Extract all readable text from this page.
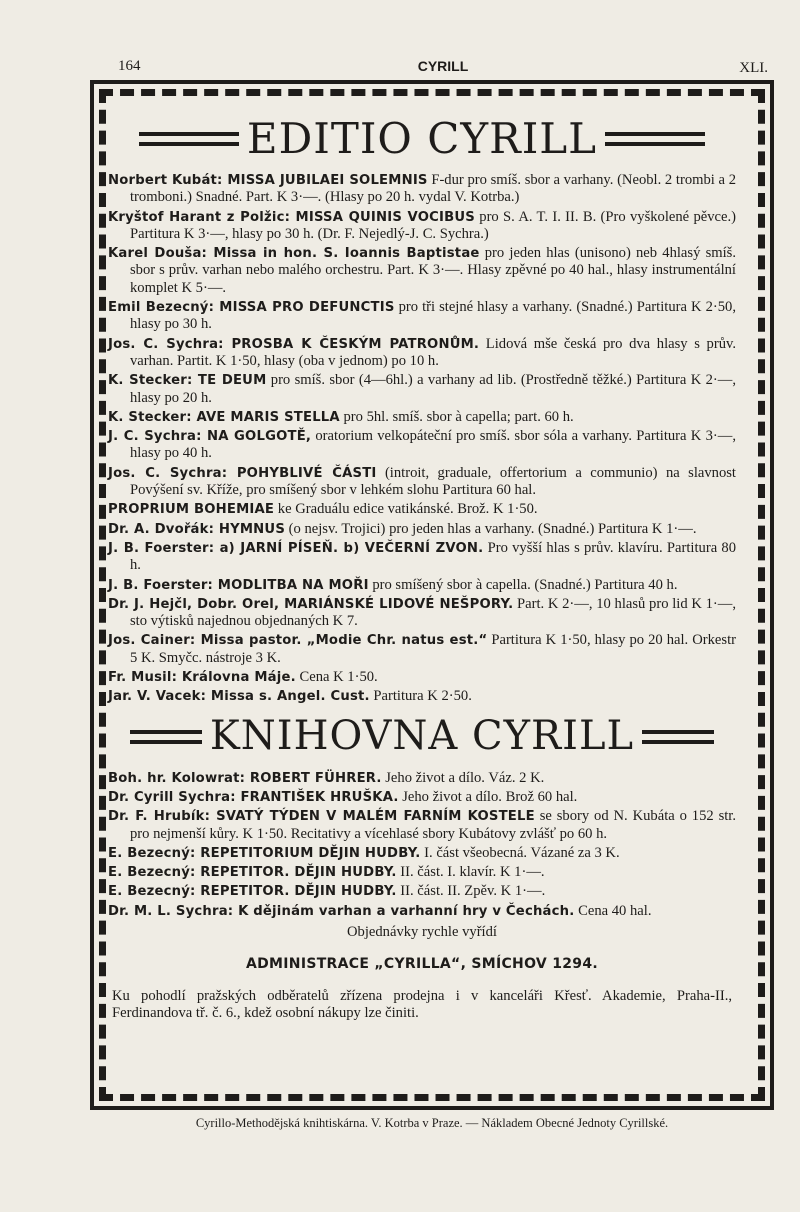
164	CYRILL	XLI.
EDITIO CYRILL

Norbert Kubát: MISSA JUBILAEI SOLEMNIS F-dur pro smíš. sbor a varhany. (Neobl. 2 trombi a 2 tromboni.) Snadné. Part. K 3·—. (Hlasy po 20 h. vydal V. Kotrba.)

Kryštof Harant z Polžic: MISSA QUINIS VOCIBUS pro S. A. T. I. II. B. (Pro vyškolené pěvce.) Partitura K 3·—, hlasy po 30 h. (Dr. F. Nejedlý-J. C. Sychra.)

Karel Douša: Missa in hon. S. Ioannis Baptistae pro jeden hlas (unisono) neb 4hlasý smíš. sbor s prův. varhan nebo malého orchestru. Part. K 3·—. Hlasy zpěvné po 40 hal., hlasy instrumentální komplet K 5·—.

Emil Bezecný: MISSA PRO DEFUNCTIS pro tři stejné hlasy a varhany. (Snadné.) Partitura K 2·50, hlasy po 30 h.

Jos. C. Sychra: PROSBA K ČESKÝM PATRONŮM. Lidová mše česká pro dva hlasy s prův. varhan. Partit. K 1·50, hlasy (oba v jednom) po 10 h.

K. Stecker: TE DEUM pro smíš. sbor (4—6hl.) a varhany ad lib. (Prostředně těžké.) Partitura K 2·—, hlasy po 20 h.

K. Stecker: AVE MARIS STELLA pro 5hl. smíš. sbor à capella; part. 60 h.

J. C. Sychra: NA GOLGOTĚ, oratorium velkopáteční pro smíš. sbor sóla a varhany. Partitura K 3·—, hlasy po 40 h.

Jos. C. Sychra: POHYBLIVÉ ČÁSTI (introit, graduale, offertorium a communio) na slavnost Povýšení sv. Kříže, pro smíšený sbor v lehkém slohu Partitura 60 hal.

PROPRIUM BOHEMIAE ke Graduálu edice vatikánské. Brož. K 1·50.

Dr. A. Dvořák: HYMNUS (o nejsv. Trojici) pro jeden hlas a varhany. (Snadné.) Partitura K 1·—.

J. B. Foerster: a) JARNÍ PÍSEŇ. b) VEČERNÍ ZVON. Pro vyšší hlas s prův. klavíru. Partitura 80 h.

J. B. Foerster: MODLITBA NA MOŘI pro smíšený sbor à capella. (Snadné.) Partitura 40 h.

Dr. J. Hejčl, Dobr. Orel, MARIÁNSKÉ LIDOVÉ NEŠPORY. Part. K 2·—, 10 hlasů pro lid K 1·—, sto výtisků najednou objednaných K 7.

Jos. Cainer: Missa pastor. „Modie Chr. natus est.“ Partitura K 1·50, hlasy po 20 hal. Orkestr 5 K. Smyčc. nástroje 3 K.

Fr. Musil: Královna Máje. Cena K 1·50.

Jar. V. Vacek: Missa s. Angel. Cust. Partitura K 2·50.

KNIHOVNA CYRILL

Boh. hr. Kolowrat: ROBERT FÜHRER. Jeho život a dílo. Váz. 2 K.

Dr. Cyrill Sychra: FRANTIŠEK HRUŠKA. Jeho život a dílo. Brož 60 hal.

Dr. F. Hrubík: SVATÝ TÝDEN V MALÉM FARNÍM KOSTELE se sbory od N. Kubáta o 152 str. pro nejmenší kůry. K 1·50. Recitativy a vícehlasé sbory Kubátovy zvlášť po 60 h.

E. Bezecný: REPETITORIUM DĚJIN HUDBY. I. část všeobecná. Vázané za 3 K.

E. Bezecný: REPETITOR. DĚJIN HUDBY. II. část. I. klavír. K 1·—.

E. Bezecný: REPETITOR. DĚJIN HUDBY. II. část. II. Zpěv. K 1·—.

Dr. M. L. Sychra: K dějinám varhan a varhanní hry v Čechách. Cena 40 hal.

Objednávky rychle vyřídí

ADMINISTRACE „CYRILLA“, SMÍCHOV 1294.

Ku pohodlí pražských odběratelů zřízena prodejna i v kanceláři Křesť. Akademie, Praha-II., Ferdinandova tř. č. 6., kdež osobní nákupy lze činiti.

Cyrillo-Methodějská knihtiskárna. V. Kotrba v Praze. — Nákladem Obecné Jednoty Cyrillské.
